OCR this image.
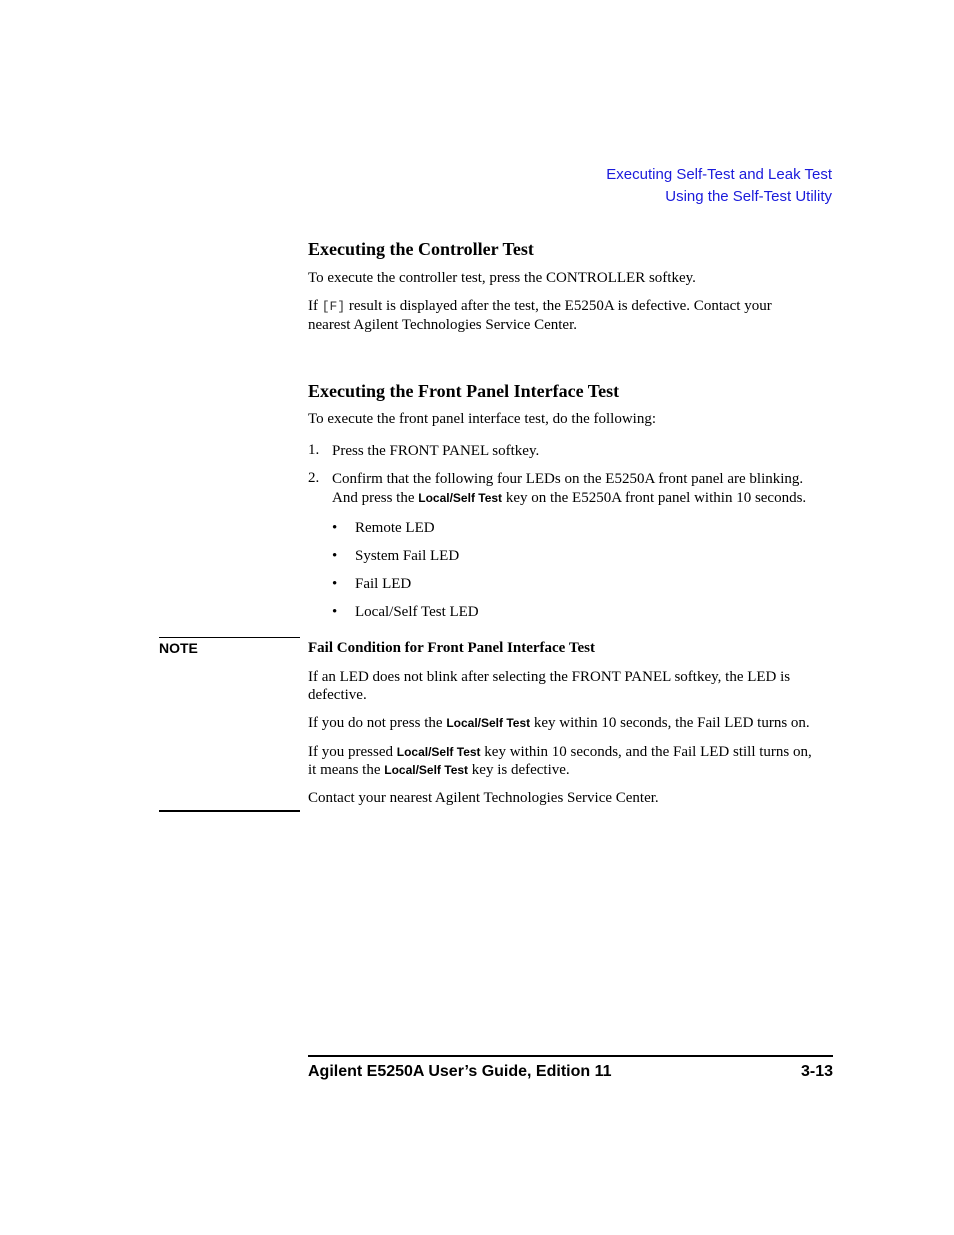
Executing Self-Test and Leak Test
Using the Self-Test Utility
Executing the Controller Test
To execute the controller test, press the CONTROLLER softkey.
If [F] result is displayed after the test, the E5250A is defective. Contact your
nearest Agilent Technologies Service Center.
Executing the Front Panel Interface Test
To execute the front panel interface test, do the following:
1. Press the FRONT PANEL softkey.
2. Confirm that the following four LEDs on the E5250A front panel are blinking.
And press the Local/Self Test key on the E5250A front panel within 10 seconds.
• Remote LED
• System Fail LED
• Fail LED
• Local/Self Test LED
NOTE	Fail Condition for Front Panel Interface Test
If an LED does not blink after selecting the FRONT PANEL softkey, the LED is
defective.
If you do not press the Local/Self Test key within 10 seconds, the Fail LED turns on.
If you pressed Local/Self Test key within 10 seconds, and the Fail LED still turns on,
it means the Local/Self Test key is defective.
Contact your nearest Agilent Technologies Service Center.
Agilent E5250A User’s Guide, Edition 11	3-13
